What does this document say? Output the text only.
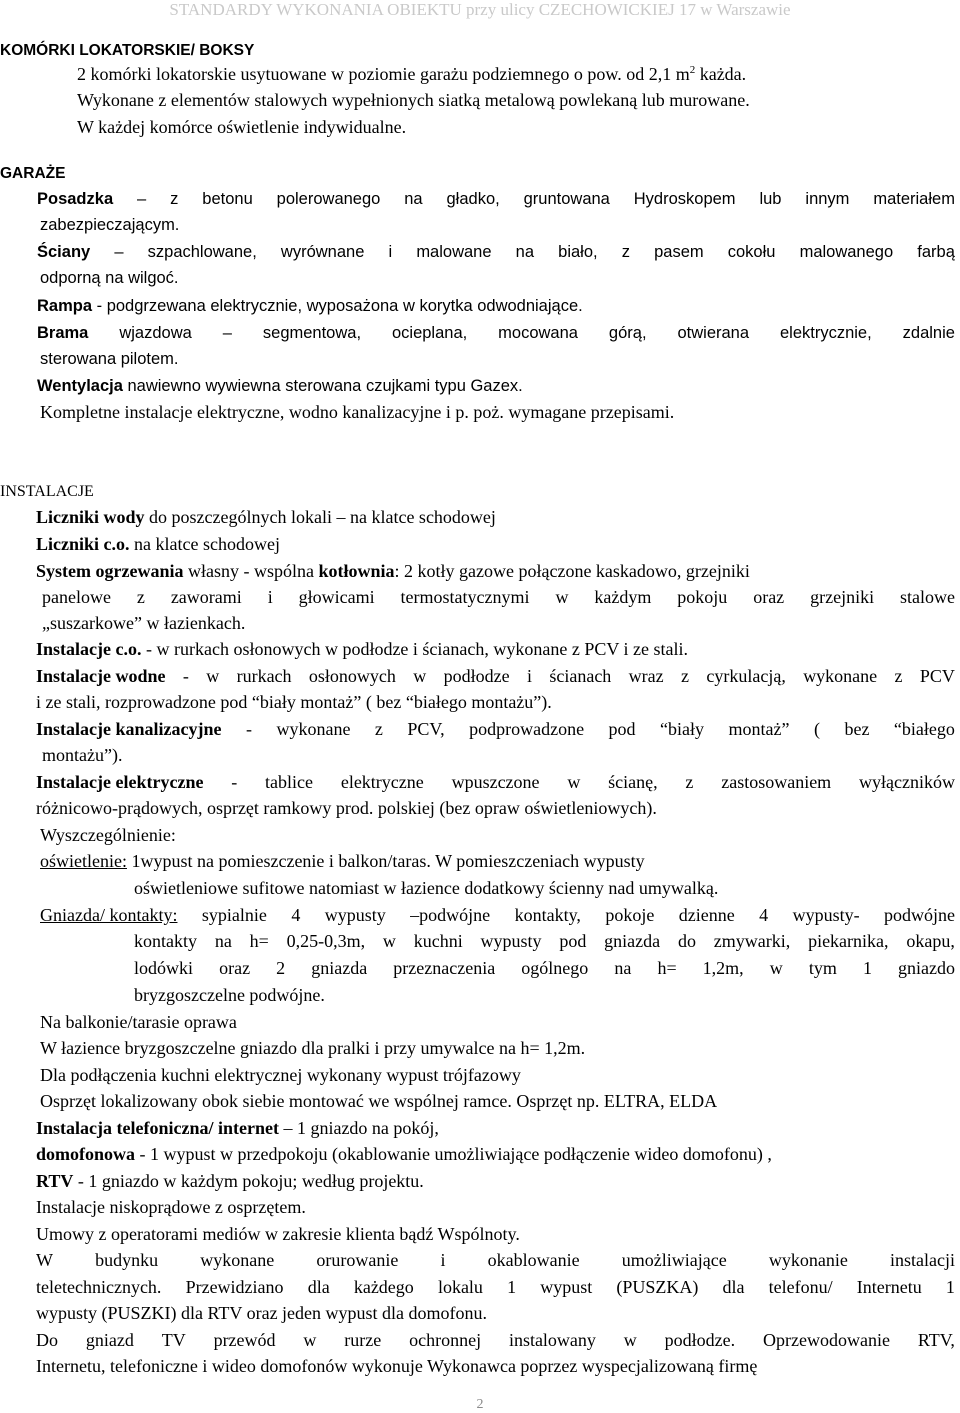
STANDARDY WYKONANIA OBIEKTU przy ulicy CZECHOWICKIEJ 17 w Warszawie
KOMÓRKI LOKATORSKIE/ BOKSY
2 komórki lokatorskie usytuowane w poziomie garażu podziemnego o pow. od 2,1 $m^2$ każda.
Wykonane z elementów stalowych wypełnionych siatką metalową powlekaną lub murowane.
W każdej komórce oświetlenie indywidualne.
GARAŻE
Posadzka – z betonu polerowanego na gładko, gruntowana Hydroskopem lub innym materiałem
zabezpieczającym.
Ściany – szpachlowane, wyrównane i malowane na biało, z pasem cokołu malowanego farbą
odporną na wilgoć.
Rampa - podgrzewana elektrycznie, wyposażona w korytka odwodniające.
Brama wjazdowa – segmentowa, ocieplana, mocowana górą, otwierana elektrycznie, zdalnie
sterowana pilotem.
Wentylacja nawiewno wywiewna sterowana czujkami typu Gazex.
Kompletne instalacje elektryczne, wodno kanalizacyjne i p. poż. wymagane przepisami.
INSTALACJE
Liczniki wody do poszczególnych lokali – na klatce schodowej
Liczniki c.o. na klatce schodowej
System ogrzewania własny - wspólna kotłownia: 2 kotły gazowe połączone kaskadowo, grzejniki
panelowe z zaworami i głowicami termostatycznymi w każdym pokoju oraz grzejniki stalowe
„suszarkowe” w łazienkach.
Instalacje c.o. - w rurkach osłonowych w podłodze i ścianach, wykonane z PCV i ze stali.
Instalacje wodne - w rurkach osłonowych w podłodze i ścianach wraz z cyrkulacją, wykonane z PCV
i ze stali, rozprowadzone pod “biały montaż” ( bez “białego montażu”).
Instalacje kanalizacyjne - wykonane z PCV, podprowadzone pod “biały montaż” ( bez “białego
montażu”).
Instalacje elektryczne - tablice elektryczne wpuszczone w ścianę, z zastosowaniem wyłączników
różnicowo-prądowych, osprzęt ramkowy prod. polskiej (bez opraw oświetleniowych).
Wyszczególnienie:
oświetlenie: 1wypust na pomieszczenie i balkon/taras. W pomieszczeniach wypusty
oświetleniowe sufitowe natomiast w łazience dodatkowy ścienny nad umywalką.
Gniazda/ kontakty: sypialnie 4 wypusty –podwójne kontakty, pokoje dzienne 4 wypusty- podwójne
kontakty na h= 0,25-0,3m, w kuchni wypusty pod gniazda do zmywarki, piekarnika, okapu,
lodówki oraz 2 gniazda przeznaczenia ogólnego na h= 1,2m, w tym 1 gniazdo
bryzgoszczelne podwójne.
Na balkonie/tarasie oprawa
W łazience bryzgoszczelne gniazdo dla pralki i przy umywalce na h= 1,2m.
Dla podłączenia kuchni elektrycznej wykonany wypust trójfazowy
Osprzęt lokalizowany obok siebie montować we wspólnej ramce. Osprzęt np. ELTRA, ELDA
Instalacja telefoniczna/ internet – 1 gniazdo na pokój,
domofonowa - 1 wypust w przedpokoju (okablowanie umożliwiające podłączenie wideo domofonu) ,
RTV - 1 gniazdo w każdym pokoju; według projektu.
Instalacje niskoprądowe z osprzętem.
Umowy z operatorami mediów w zakresie klienta bądź Wspólnoty.
W budynku wykonane orurowanie i okablowanie umożliwiające wykonanie instalacji
teletechnicznych. Przewidziano dla każdego lokalu 1 wypust (PUSZKA) dla telefonu/ Internetu 1
wypusty (PUSZKI) dla RTV oraz jeden wypust dla domofonu.
Do gniazd TV przewód w rurze ochronnej instalowany w podłodze. Oprzewodowanie RTV,
Internetu, telefoniczne i wideo domofonów wykonuje Wykonawca poprzez wyspecjalizowaną firmę
2
